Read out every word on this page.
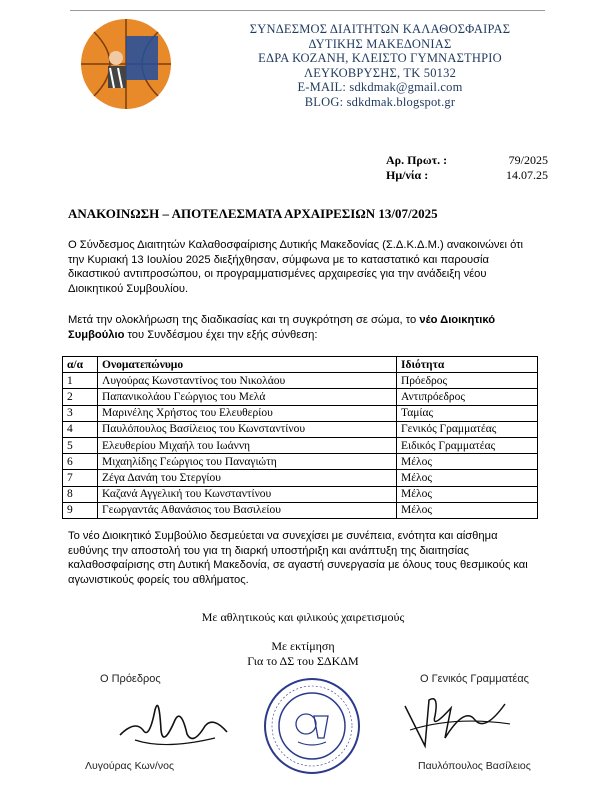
ΣΥΝΔΕΣΜΟΣ ΔΙΑΙΤΗΤΩΝ ΚΑΛΑΘΟΣΦΑΙΡΑΣ
ΔΥΤΙΚΗΣ ΜΑΚΕΔΟΝΙΑΣ
ΕΔΡΑ ΚΟΖΑΝΗ, ΚΛΕΙΣΤΟ ΓΥΜΝΑΣΤΗΡΙΟ
ΛΕΥΚΟΒΡΥΣΗΣ, ΤΚ 50132
E-MAIL: sdkdmak@gmail.com
BLOG: sdkdmak.blogspot.gr
Αρ. Πρωτ. :	79/2025
Ημ/νία :	14.07.25
ΑΝΑΚΟΙΝΩΣΗ – ΑΠΟΤΕΛΕΣΜΑΤΑ ΑΡΧΑΙΡΕΣΙΩΝ 13/07/2025
Ο Σύνδεσμος Διαιτητών Καλαθοσφαίρισης Δυτικής Μακεδονίας (Σ.Δ.Κ.Δ.Μ.) ανακοινώνει ότι την Κυριακή 13 Ιουλίου 2025 διεξήχθησαν, σύμφωνα με το καταστατικό και παρουσία δικαστικού αντιπροσώπου, οι προγραμματισμένες αρχαιρεσίες για την ανάδειξη νέου Διοικητικού Συμβουλίου.
Μετά την ολοκλήρωση της διαδικασίας και τη συγκρότηση σε σώμα, το νέο Διοικητικό Συμβούλιο του Συνδέσμου έχει την εξής σύνθεση:
α/α	Ονοματεπώνυμο	Ιδιότητα
1	Λυγούρας Κωνσταντίνος του Νικολάου	Πρόεδρος
2	Παπανικολάου Γεώργιος του Μελά	Αντιπρόεδρος
3	Μαρινέλης Χρήστος του Ελευθερίου	Ταμίας
4	Παυλόπουλος Βασίλειος του Κωνσταντίνου	Γενικός Γραμματέας
5	Ελευθερίου Μιχαήλ του Ιωάννη	Ειδικός Γραμματέας
6	Μιχαηλίδης Γεώργιος του Παναγιώτη	Μέλος
7	Ζέγα Δανάη του Στεργίου	Μέλος
8	Καζανά Αγγελική του Κωνσταντίνου	Μέλος
9	Γεωργαντάς Αθανάσιος του Βασιλείου	Μέλος
Το νέο Διοικητικό Συμβούλιο δεσμεύεται να συνεχίσει με συνέπεια, ενότητα και αίσθημα ευθύνης την αποστολή του για τη διαρκή υποστήριξη και ανάπτυξη της διαιτησίας καλαθοσφαίρισης στη Δυτική Μακεδονία, σε αγαστή συνεργασία με όλους τους θεσμικούς και αγωνιστικούς φορείς του αθλήματος.
Με αθλητικούς και φιλικούς χαιρετισμούς
Με εκτίμηση
Για το ΔΣ του ΣΔΚΔΜ
Ο Πρόεδρος	Ο Γενικός Γραμματέας
Λυγούρας Κων/νος	Παυλόπουλος Βασίλειος
